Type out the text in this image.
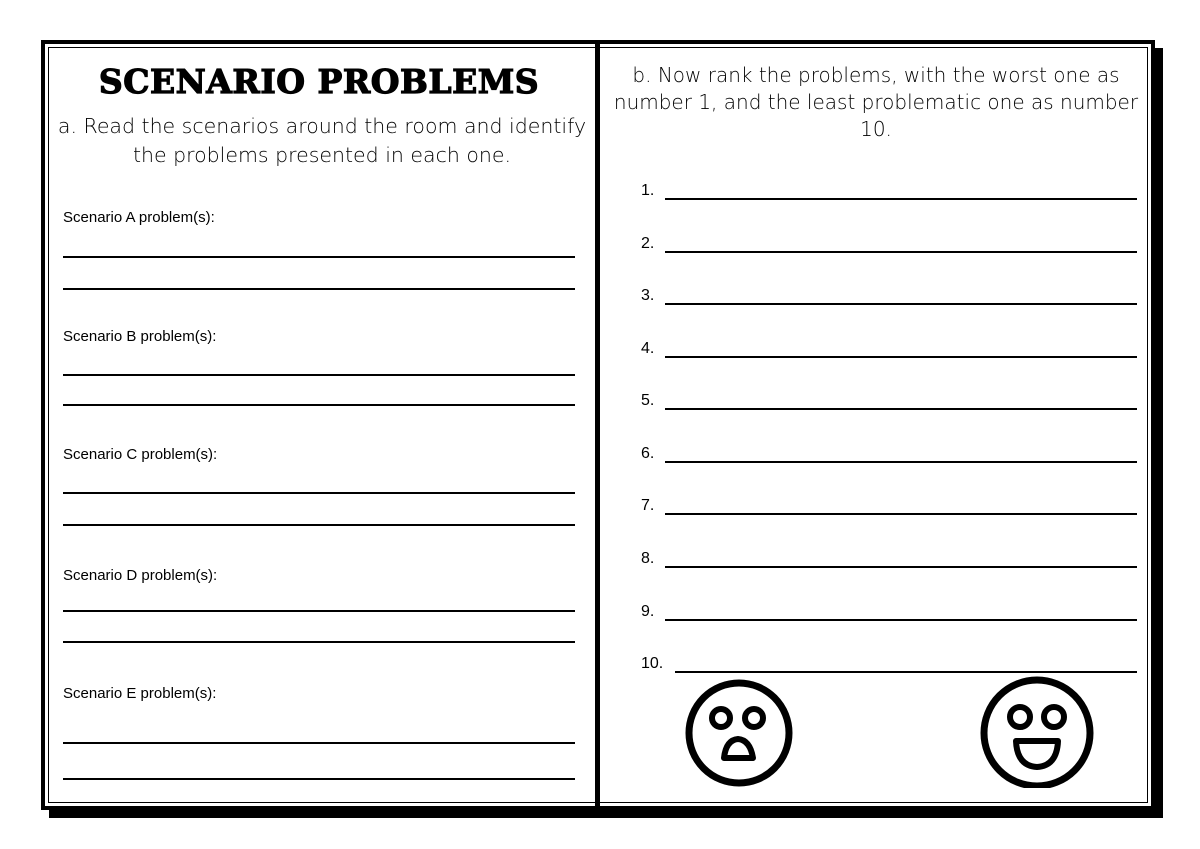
SCENARIO PROBLEMS
a. Read the scenarios around the room and identify the problems presented in each one.
Scenario A problem(s):
Scenario B problem(s):
Scenario C problem(s):
Scenario D problem(s):
Scenario E problem(s):
b. Now rank the problems, with the worst one as number 1, and the least problematic one as number 10.
1.
2.
3.
4.
5.
6.
7.
8.
9.
10.
